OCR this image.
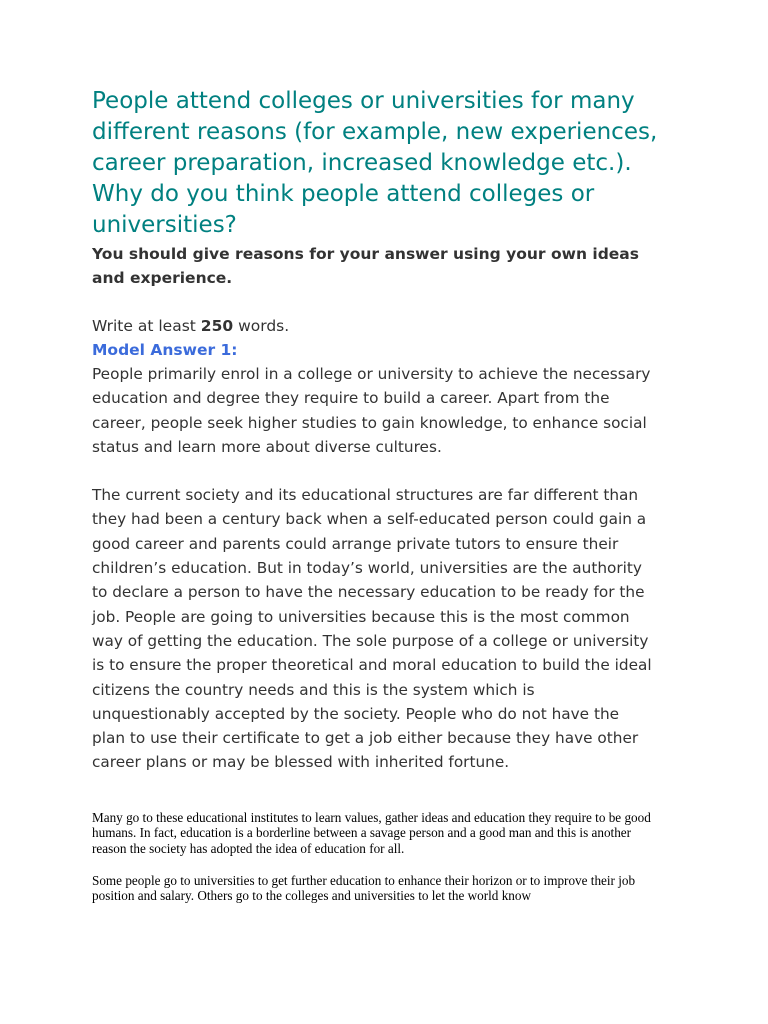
People attend colleges or universities for many different reasons (for example, new experiences, career preparation, increased knowledge etc.). Why do you think people attend colleges or universities?

You should give reasons for your answer using your own ideas and experience.

Write at least 250 words.

Model Answer 1:

People primarily enrol in a college or university to achieve the necessary education and degree they require to build a career. Apart from the career, people seek higher studies to gain knowledge, to enhance social status and learn more about diverse cultures.

The current society and its educational structures are far different than they had been a century back when a self-educated person could gain a good career and parents could arrange private tutors to ensure their children’s education. But in today’s world, universities are the authority to declare a person to have the necessary education to be ready for the job. People are going to universities because this is the most common way of getting the education. The sole purpose of a college or university is to ensure the proper theoretical and moral education to build the ideal citizens the country needs and this is the system which is unquestionably accepted by the society. People who do not have the plan to use their certificate to get a job either because they have other career plans or may be blessed with inherited fortune.

Many go to these educational institutes to learn values, gather ideas and education they require to be good humans. In fact, education is a borderline between a savage person and a good man and this is another reason the society has adopted the idea of education for all.

Some people go to universities to get further education to enhance their horizon or to improve their job position and salary. Others go to the colleges and universities to let the world know
